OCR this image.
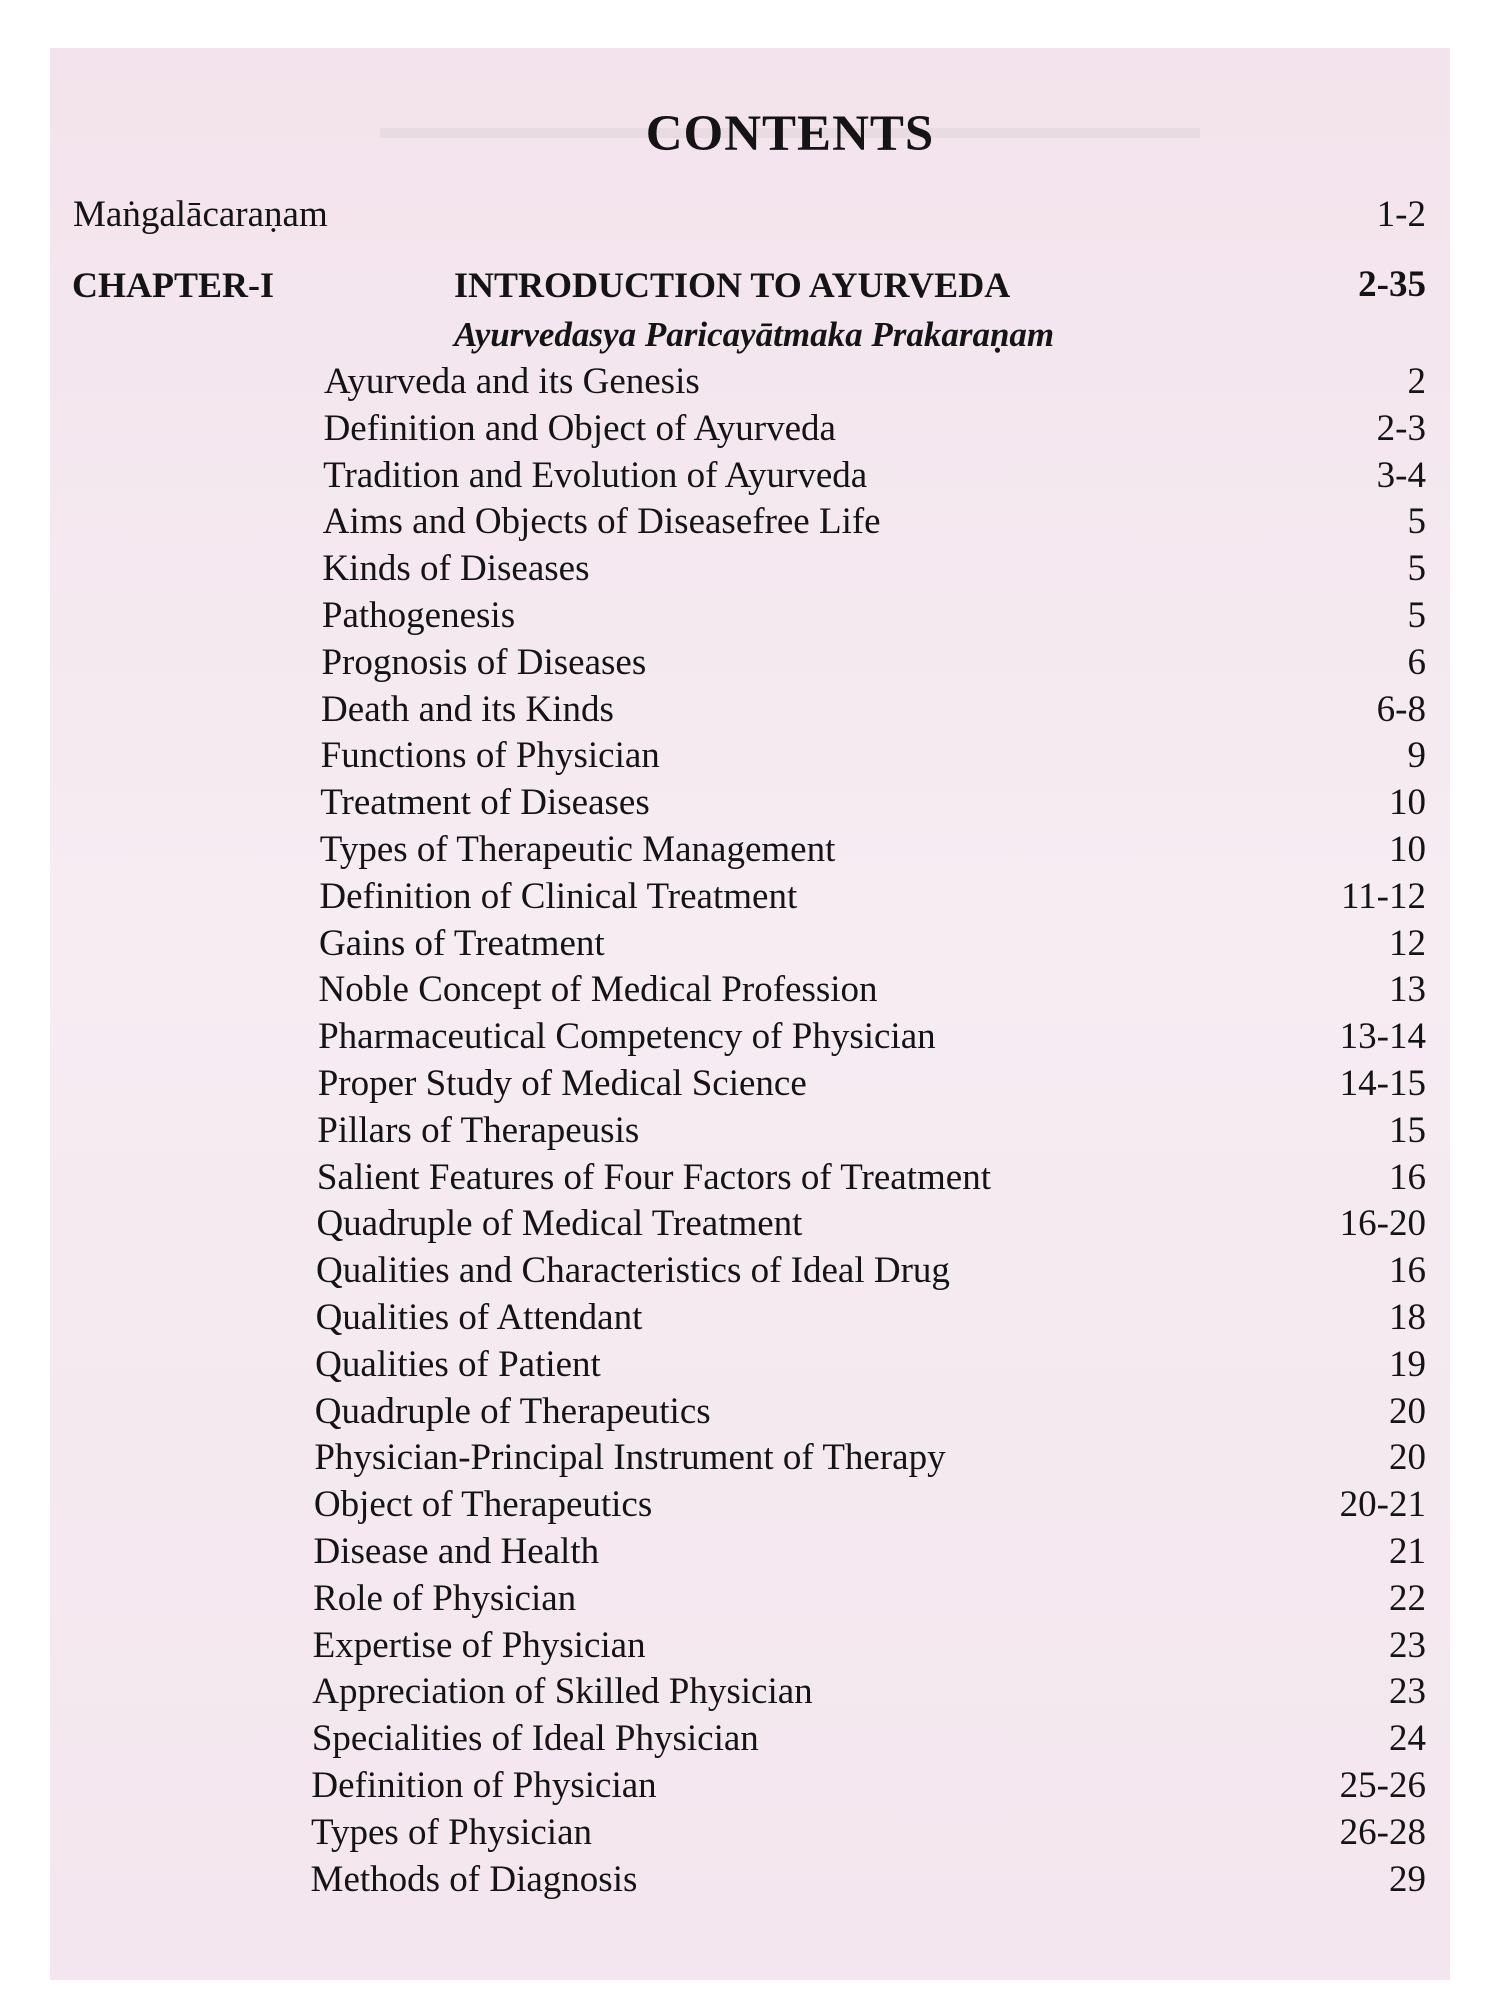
CONTENTS
Maṅgalācaraṇam	1-2
CHAPTER-I	INTRODUCTION TO AYURVEDA	2-35
Ayurvedasya Paricayātmaka Prakaraṇam
Ayurveda and its Genesis	2
Definition and Object of Ayurveda	2-3
Tradition and Evolution of Ayurveda	3-4
Aims and Objects of Diseasefree Life	5
Kinds of Diseases	5
Pathogenesis	5
Prognosis of Diseases	6
Death and its Kinds	6-8
Functions of Physician	9
Treatment of Diseases	10
Types of Therapeutic Management	10
Definition of Clinical Treatment	11-12
Gains of Treatment	12
Noble Concept of Medical Profession	13
Pharmaceutical Competency of Physician	13-14
Proper Study of Medical Science	14-15
Pillars of Therapeusis	15
Salient Features of Four Factors of Treatment	16
Quadruple of Medical Treatment	16-20
Qualities and Characteristics of Ideal Drug	16
Qualities of Attendant	18
Qualities of Patient	19
Quadruple of Therapeutics	20
Physician-Principal Instrument of Therapy	20
Object of Therapeutics	20-21
Disease and Health	21
Role of Physician	22
Expertise of Physician	23
Appreciation of Skilled Physician	23
Specialities of Ideal Physician	24
Definition of Physician	25-26
Types of Physician	26-28
Methods of Diagnosis	29
